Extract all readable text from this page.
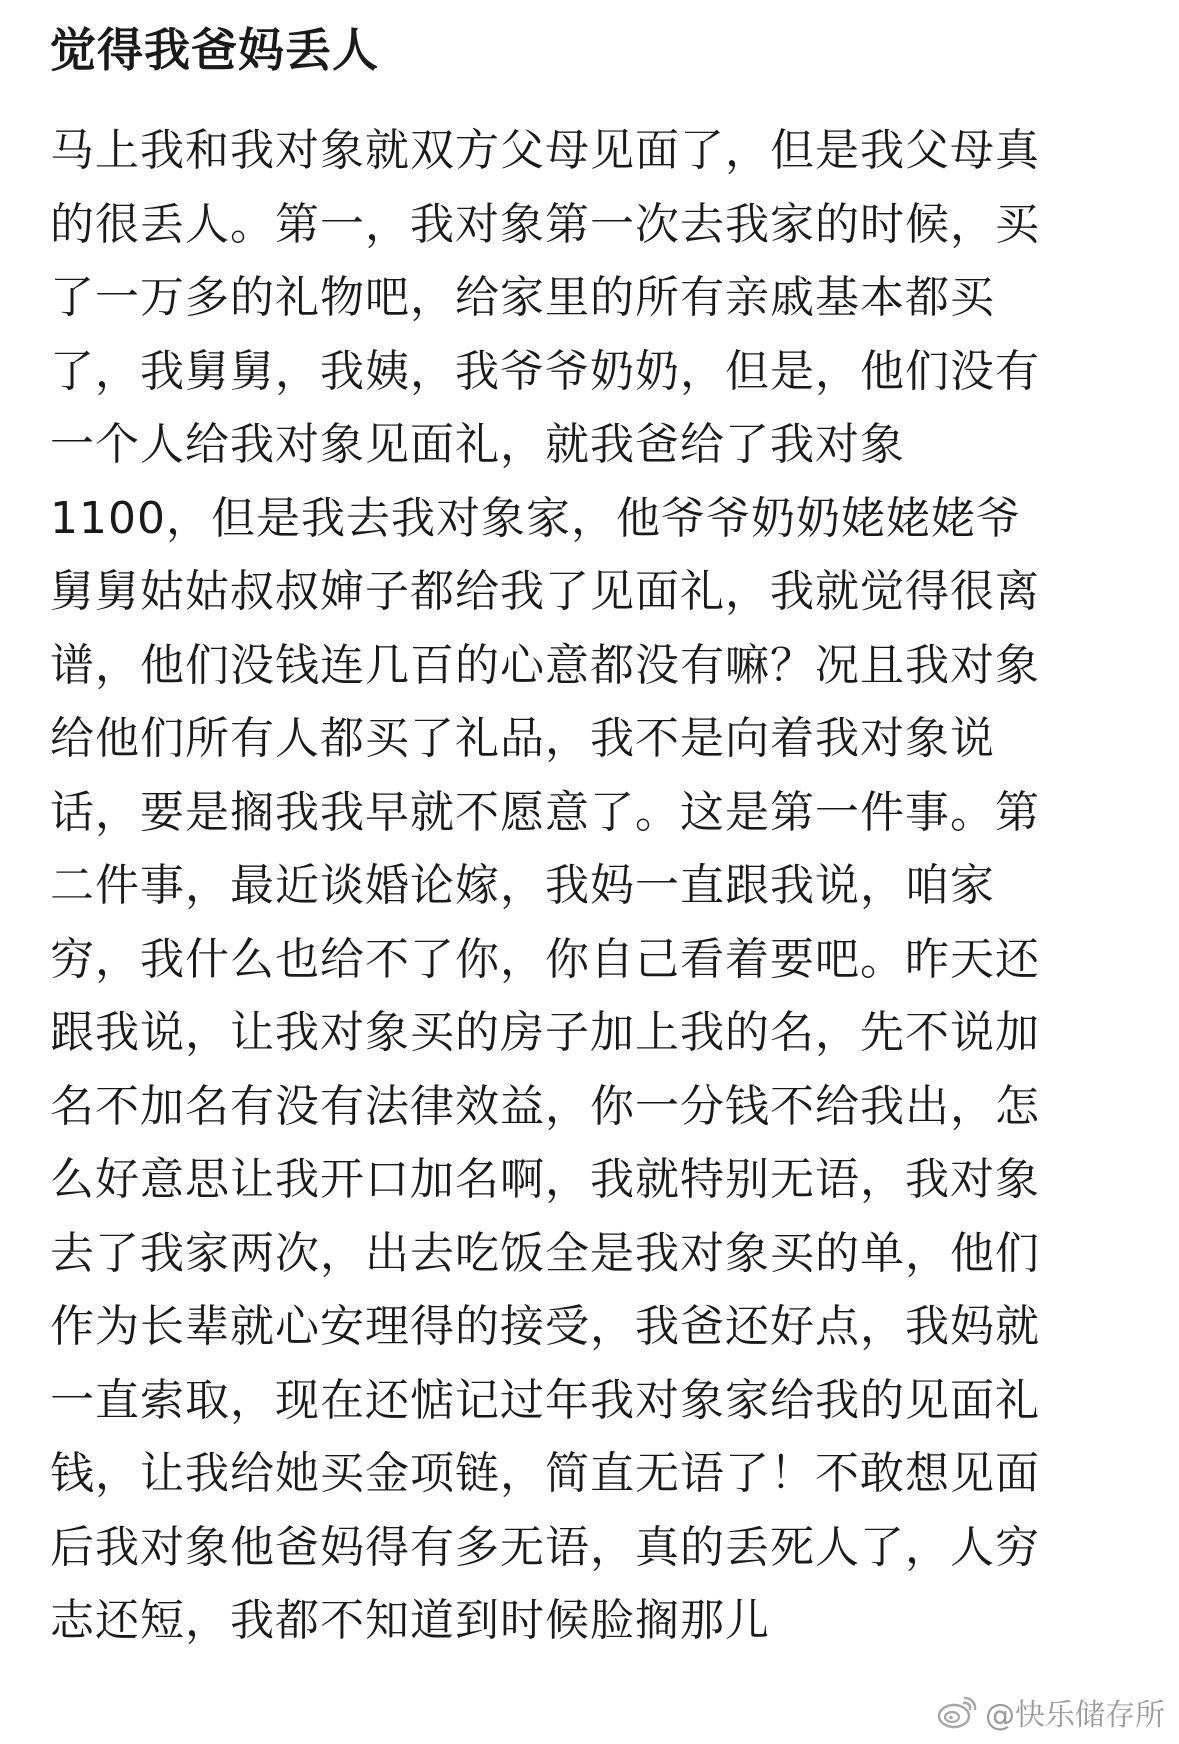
觉得我爸妈丢人
马上我和我对象就双方父母见面了，但是我父母真
的很丢人。第一，我对象第一次去我家的时候，买
了一万多的礼物吧，给家里的所有亲戚基本都买
了，我舅舅，我姨，我爷爷奶奶，但是，他们没有
一个人给我对象见面礼，就我爸给了我对象
1100，但是我去我对象家，他爷爷奶奶姥姥姥爷
舅舅姑姑叔叔婶子都给我了见面礼，我就觉得很离
谱，他们没钱连几百的心意都没有嘛？况且我对象
给他们所有人都买了礼品，我不是向着我对象说
话，要是搁我我早就不愿意了。这是第一件事。第
二件事，最近谈婚论嫁，我妈一直跟我说，咱家
穷，我什么也给不了你，你自己看着要吧。昨天还
跟我说，让我对象买的房子加上我的名，先不说加
名不加名有没有法律效益，你一分钱不给我出，怎
么好意思让我开口加名啊，我就特别无语，我对象
去了我家两次，出去吃饭全是我对象买的单，他们
作为长辈就心安理得的接受，我爸还好点，我妈就
一直索取，现在还惦记过年我对象家给我的见面礼
钱，让我给她买金项链，简直无语了！不敢想见面
后我对象他爸妈得有多无语，真的丢死人了，人穷
志还短，我都不知道到时候脸搁那儿
@快乐储存所
